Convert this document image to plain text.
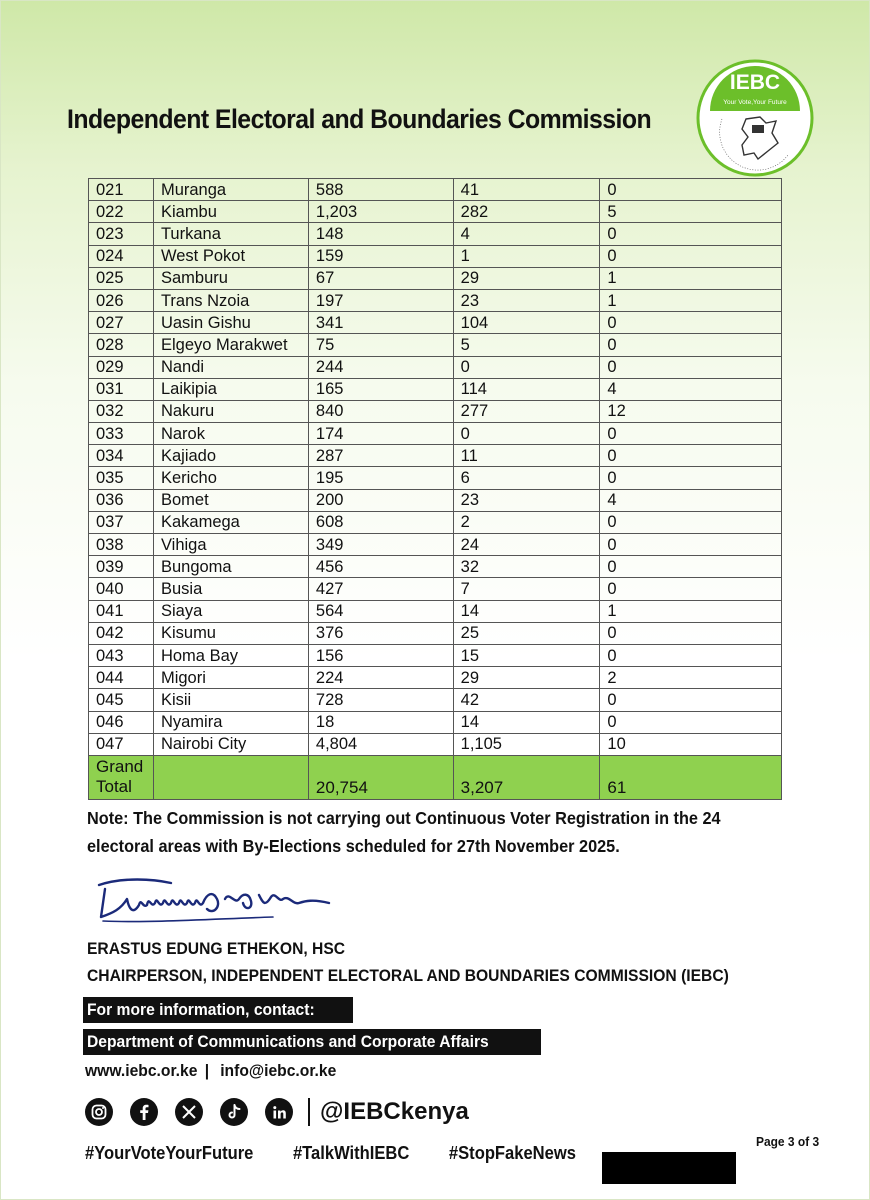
Independent Electoral and Boundaries Commission
IEBC
Your Vote,Your Future
021	Muranga	588	41	0
022	Kiambu	1,203	282	5
023	Turkana	148	4	0
024	West Pokot	159	1	0
025	Samburu	67	29	1
026	Trans Nzoia	197	23	1
027	Uasin Gishu	341	104	0
028	Elgeyo Marakwet	75	5	0
029	Nandi	244	0	0
031	Laikipia	165	114	4
032	Nakuru	840	277	12
033	Narok	174	0	0
034	Kajiado	287	11	0
035	Kericho	195	6	0
036	Bomet	200	23	4
037	Kakamega	608	2	0
038	Vihiga	349	24	0
039	Bungoma	456	32	0
040	Busia	427	7	0
041	Siaya	564	14	1
042	Kisumu	376	25	0
043	Homa Bay	156	15	0
044	Migori	224	29	2
045	Kisii	728	42	0
046	Nyamira	18	14	0
047	Nairobi City	4,804	1,105	10

Grand
Total		20,754	3,207	61
Note: The Commission is not carrying out Continuous Voter Registration in the 24 electoral areas with By-Elections scheduled for 27th November 2025.
ERASTUS EDUNG ETHEKON, HSC
CHAIRPERSON, INDEPENDENT ELECTORAL AND BOUNDARIES COMMISSION (IEBC)
For more information, contact:
Department of Communications and Corporate Affairs
www.iebc.or.ke | info@iebc.or.ke
@IEBCkenya
#YourVoteYourFuture #TalkWithIEBC #StopFakeNews
Page 3 of 3
